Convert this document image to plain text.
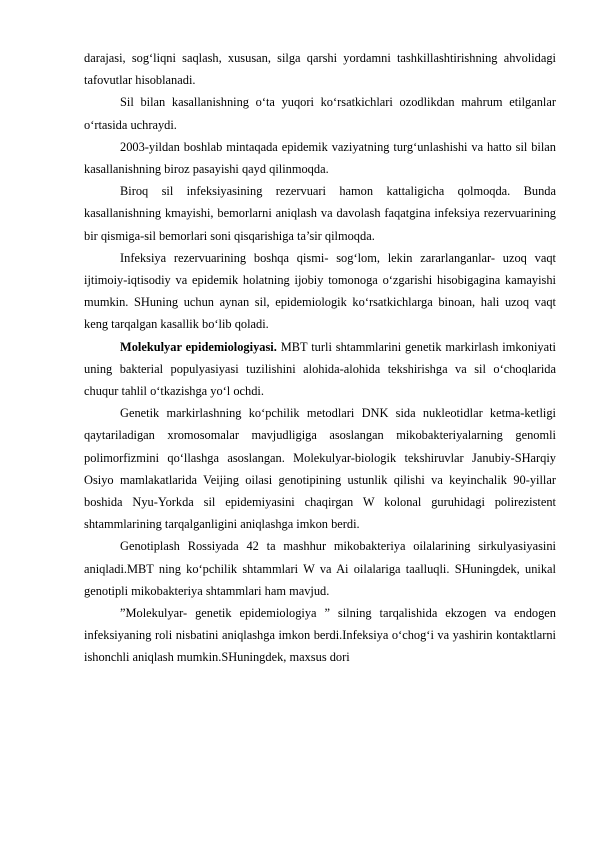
darajasi, sog‘liqni saqlash, xususan, silga qarshi yordamni tashkillashtirishning ahvolidagi tafovutlar hisoblanadi.

Sil bilan kasallanishning o‘ta yuqori ko‘rsatkichlari ozodlikdan mahrum etilganlar o‘rtasida uchraydi.

2003-yildan boshlab mintaqada epidemik vaziyatning turg‘unlashishi va hatto sil bilan kasallanishning biroz pasayishi qayd qilinmoqda.

Biroq sil infeksiyasining rezervuari hamon kattaligicha qolmoqda. Bunda kasallanishning kmayishi, bemorlarni aniqlash va davolash faqatgina infeksiya rezervuarining bir qismiga-sil bemorlari soni qisqarishiga ta’sir qilmoqda.

Infeksiya rezervuarining boshqa qismi- sog‘lom, lekin zararlanganlar- uzoq vaqt ijtimoiy-iqtisodiy va epidemik holatning ijobiy tomonoga o‘zgarishi hisobigagina kamayishi mumkin. SHuning uchun aynan sil, epidemiologik ko‘rsatkichlarga binoan, hali uzoq vaqt keng tarqalgan kasallik bo‘lib qoladi.

Molekulyar epidemiologiyasi. MBT turli shtammlarini genetik markirlash imkoniyati uning bakterial populyasiyasi tuzilishini alohida-alohida tekshirishga va sil o‘choqlarida chuqur tahlil o‘tkazishga yo‘l ochdi.

Genetik markirlashning ko‘pchilik metodlari DNK sida nukleotidlar ketma-ketligi qaytariladigan xromosomalar mavjudligiga asoslangan mikobakteriyalarning genomli polimorfizmini qo‘llashga asoslangan. Molekulyar-biologik tekshiruvlar Janubiy-SHarqiy Osiyo mamlakatlarida Veijing oilasi genotipining ustunlik qilishi va keyinchalik 90-yillar boshida Nyu-Yorkda sil epidemiyasini chaqirgan W kolonal guruhidagi polirezistent shtammlarining tarqalganligini aniqlashga imkon berdi.

Genotiplash Rossiyada 42 ta mashhur mikobakteriya oilalarining sirkulyasiyasini aniqladi.MBT ning ko‘pchilik shtammlari W va Ai oilalariga taalluqli. SHuningdek, unikal genotipli mikobakteriya shtammlari ham mavjud.

”Molekulyar- genetik epidemiologiya ” silning tarqalishida ekzogen va endogen infeksiyaning roli nisbatini aniqlashga imkon berdi.Infeksiya o‘chog‘i va yashirin kontaktlarni ishonchli aniqlash mumkin.SHuningdek, maxsus dori
